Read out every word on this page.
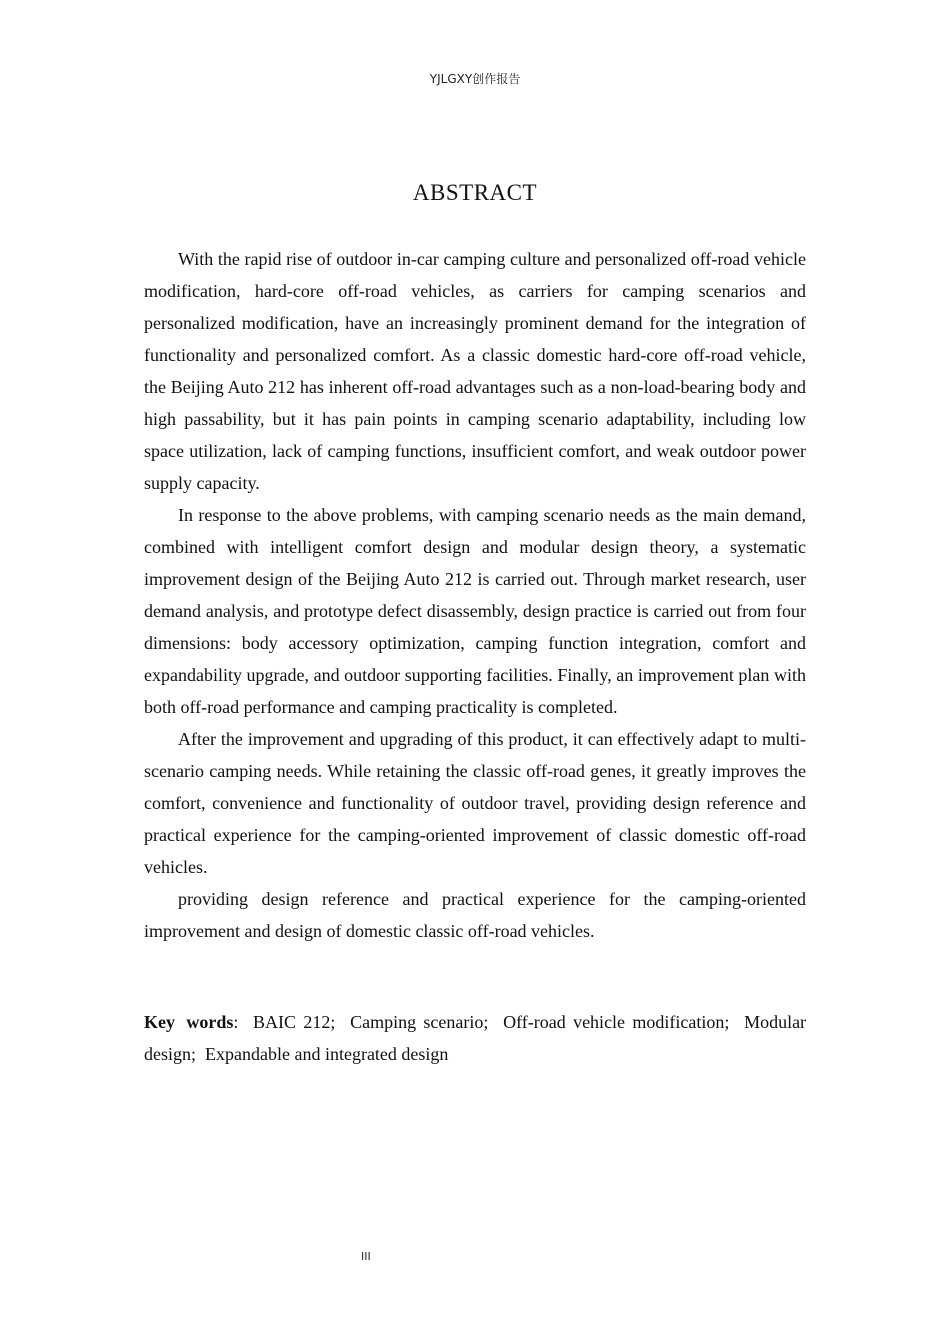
YJLGXY创作报告
ABSTRACT

With the rapid rise of outdoor in-car camping culture and personalized off-road vehicle modification, hard-core off-road vehicles, as carriers for camping scenarios and personalized modification, have an increasingly prominent demand for the integration of functionality and personalized comfort. As a classic domestic hard-core off-road vehicle, the Beijing Auto 212 has inherent off-road advantages such as a non-load-bearing body and high passability, but it has pain points in camping scenario adaptability, including low space utilization, lack of camping functions, insufficient comfort, and weak outdoor power supply capacity.

In response to the above problems, with camping scenario needs as the main demand, combined with intelligent comfort design and modular design theory, a systematic improvement design of the Beijing Auto 212 is carried out. Through market research, user demand analysis, and prototype defect disassembly, design practice is carried out from four dimensions: body accessory optimization, camping function integration, comfort and expandability upgrade, and outdoor supporting facilities. Finally, an improvement plan with both off-road performance and camping practicality is completed.

After the improvement and upgrading of this product, it can effectively adapt to multi-scenario camping needs. While retaining the classic off-road genes, it greatly improves the comfort, convenience and functionality of outdoor travel, providing design reference and practical experience for the camping-oriented improvement of classic domestic off-road vehicles.

providing design reference and practical experience for the camping-oriented improvement and design of domestic classic off-road vehicles.

Key words: BAIC 212; Camping scenario; Off-road vehicle modification; Modular design; Expandable and integrated design
III
